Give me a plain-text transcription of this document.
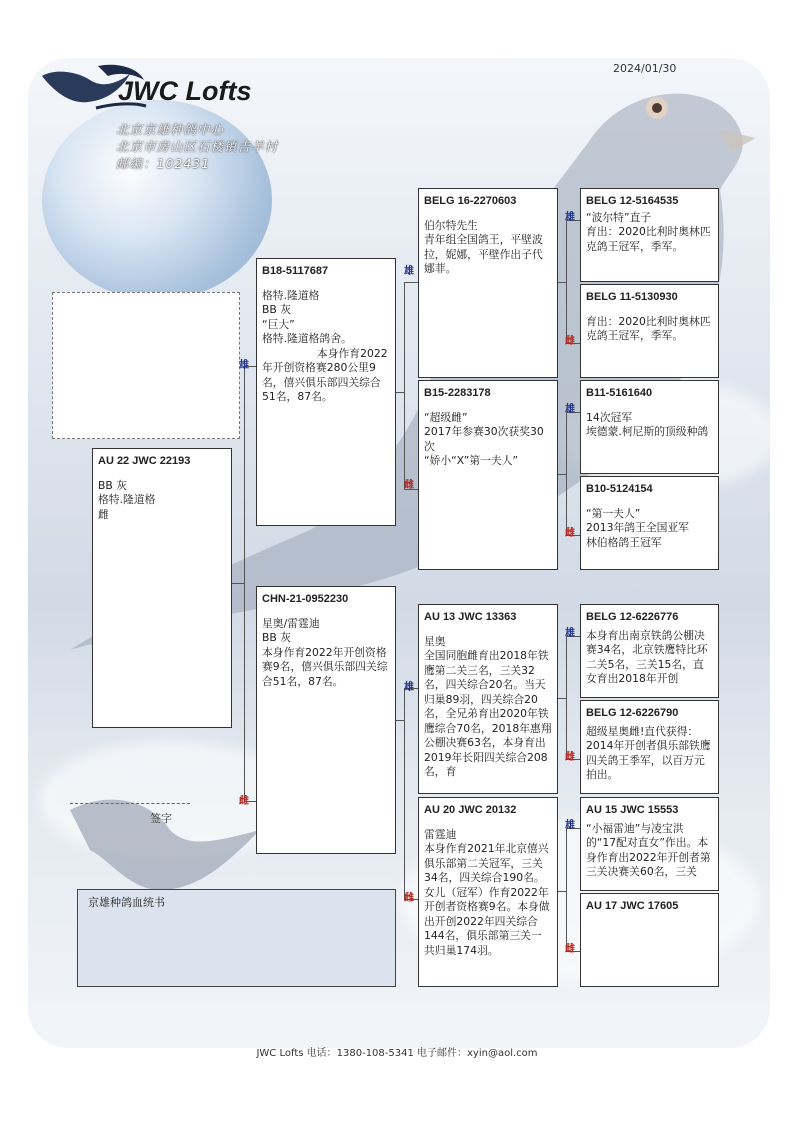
JWC Lofts
北京京雄种鸽中心
北京市房山区石楼镇吉羊村
邮编：102431
2024/01/30
AU 22 JWC 22193
BB 灰
格特.隆道格
雌
B18-5117687
格特.隆道格
BB 灰
“巨大”
格特.隆道格鸽舍。
本身作育2022年开创资格赛280公里9名，僖兴俱乐部四关综合51名，87名。
雄
CHN-21-0952230
星奥/雷霆迪
BB 灰
本身作育2022年开创资格赛9名，僖兴俱乐部四关综合51名，87名。
雌
BELG 16-2270603
伯尔特先生
青年组全国鸽王，平壁波拉，妮娜，平壁作出子代娜菲。
雄
B15-2283178
“超级雌”
2017年参赛30次获奖30次
“娇小“X”第一夫人”
雌
AU 13 JWC 13363
星奥
全国同胞雌育出2018年铁鹰第二关三名，三关32名，四关综合20名。当天归巢89羽，四关综合20名，全兄弟育出2020年铁鹰综合70名，2018年惠翔公棚决赛63名，本身育出2019年长阳四关综合208名，育
雄
AU 20 JWC 20132
雷霆迪
本身作育2021年北京僖兴俱乐部第二关冠军，三关34名，四关综合190名。女儿（冠军）作育2022年开创者资格赛9名。本身做出开创2022年四关综合144名，俱乐部第三关一共归巢174羽。
雌
BELG 12-5164535
“波尔特”直子
育出：2020比利时奥林匹克鸽王冠军，季军。
雄
BELG 11-5130930
育出：2020比利时奥林匹克鸽王冠军，季军。
雌
B11-5161640
14次冠军
埃德蒙.柯尼斯的顶级种鸽
雄
B10-5124154
“第一夫人”
2013年鸽王全国亚军
林伯格鸽王冠军
雌
BELG 12-6226776
本身育出南京铁鸽公棚决赛34名，北京铁鹰特比环二关5名，三关15名，直女育出2018年开创
雄
BELG 12-6226790
超级星奥雌!直代获得：2014年开创者俱乐部铁鹰四关鸽王季军，以百万元拍出。
雌
AU 15 JWC 15553
“小福雷迪”与凌宝洪的“17配对直女”作出。本身作育出2022年开创者第三关决赛关60名，三关
雄
AU 17 JWC 17605
雌
签字
京雄种鸽血统书
JWC Lofts 电话：1380-108-5341 电子邮件：xyin@aol.com
